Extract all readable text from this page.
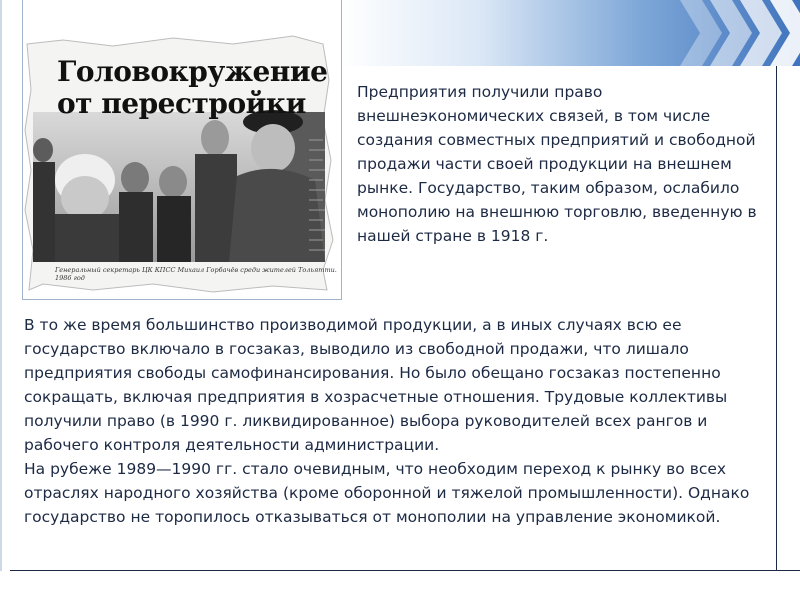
Головокружение
от перестройки
Генеральный секретарь ЦК КПСС Михаил Горбачёв среди жителей Тольятти. 1986 год

Предприятия получили право внешнеэкономических связей, в том числе создания совместных предприятий и свободной продажи части своей продукции на внешнем рынке. Государство, таким образом, ослабило монополию на внешнюю торговлю, введенную в нашей стране в 1918 г.

В то же время большинство производимой продукции, а в иных случаях всю ее государство включало в госзаказ, выводило из свободной продажи, что лишало предприятия свободы самофинансирования. Но было обещано госзаказ постепенно сокращать, включая предприятия в хозрасчетные отношения. Трудовые коллективы получили право (в 1990 г. ликвидированное) выбора руководителей всех рангов и рабочего контроля деятельности администрации.

На рубеже 1989—1990 гг. стало очевидным, что необходим переход к рынку во всех отраслях народного хозяйства (кроме оборонной и тяжелой промышленности). Однако государство не торопилось отказываться от монополии на управление экономикой.
